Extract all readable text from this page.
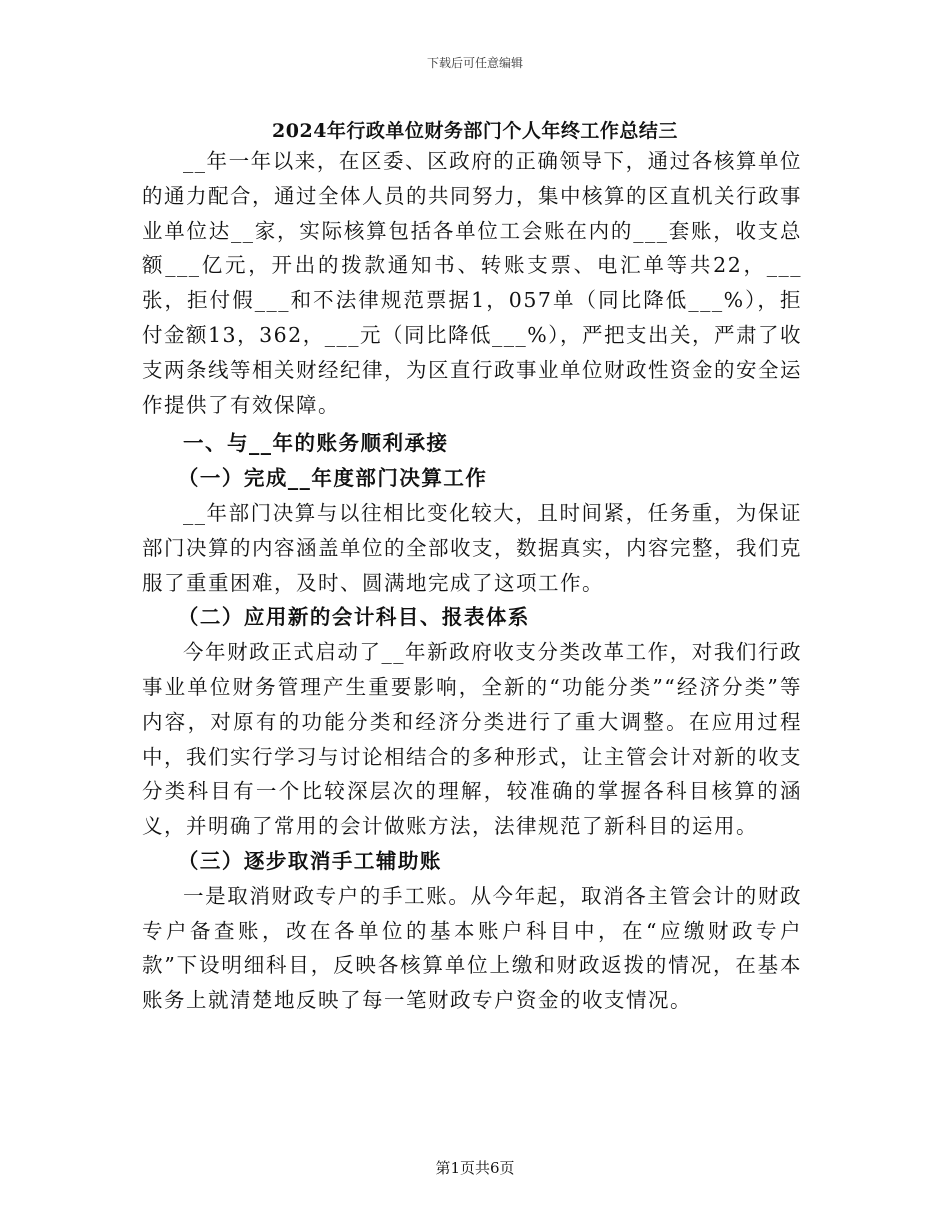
下载后可任意编辑
2024年行政单位财务部门个人年终工作总结三

__年一年以来，在区委、区政府的正确领导下，通过各核算单位的通力配合，通过全体人员的共同努力，集中核算的区直机关行政事业单位达__家，实际核算包括各单位工会账在内的___套账，收支总额___亿元，开出的拨款通知书、转账支票、电汇单等共22，___张，拒付假___和不法律规范票据1，057单（同比降低___%），拒付金额13，362，___元（同比降低___%），严把支出关，严肃了收支两条线等相关财经纪律，为区直行政事业单位财政性资金的安全运作提供了有效保障。

一、与__年的账务顺利承接

（一）完成__年度部门决算工作

__年部门决算与以往相比变化较大，且时间紧，任务重，为保证部门决算的内容涵盖单位的全部收支，数据真实，内容完整，我们克服了重重困难，及时、圆满地完成了这项工作。

（二）应用新的会计科目、报表体系

今年财政正式启动了__年新政府收支分类改革工作，对我们行政事业单位财务管理产生重要影响，全新的“功能分类”“经济分类”等内容，对原有的功能分类和经济分类进行了重大调整。在应用过程中，我们实行学习与讨论相结合的多种形式，让主管会计对新的收支分类科目有一个比较深层次的理解，较准确的掌握各科目核算的涵义，并明确了常用的会计做账方法，法律规范了新科目的运用。

（三）逐步取消手工辅助账

一是取消财政专户的手工账。从今年起，取消各主管会计的财政专户备查账，改在各单位的基本账户科目中，在“应缴财政专户款”下设明细科目，反映各核算单位上缴和财政返拨的情况，在基本账务上就清楚地反映了每一笔财政专户资金的收支情况。

第1页共6页
